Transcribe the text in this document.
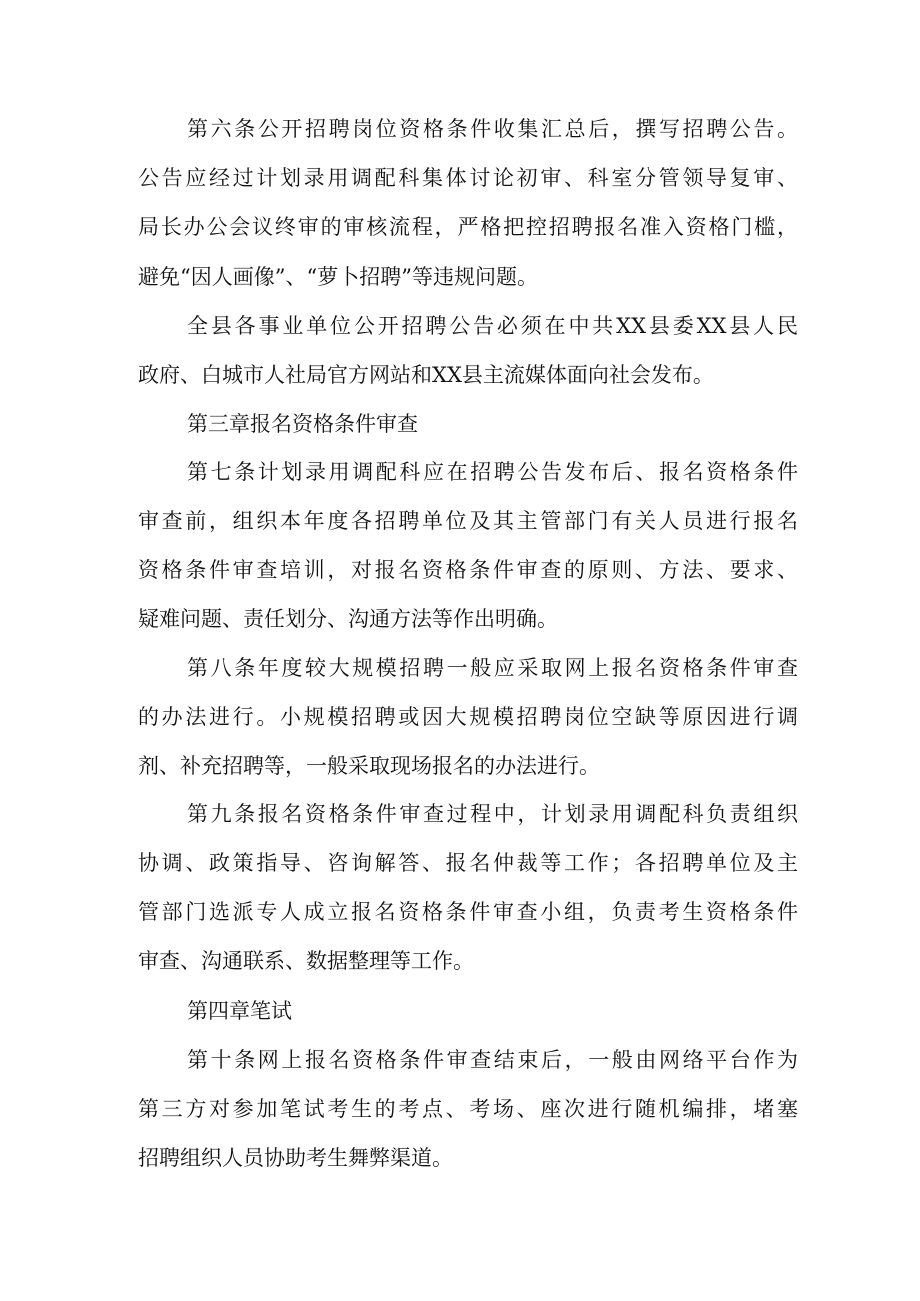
第六条公开招聘岗位资格条件收集汇总后，撰写招聘公告。
公告应经过计划录用调配科集体讨论初审、科室分管领导复审、
局长办公会议终审的审核流程，严格把控招聘报名准入资格门槛，
避免“因人画像”、“萝卜招聘”等违规问题。
全县各事业单位公开招聘公告必须在中共XX县委XX县人民
政府、白城市人社局官方网站和XX县主流媒体面向社会发布。
第三章报名资格条件审查
第七条计划录用调配科应在招聘公告发布后、报名资格条件
审查前，组织本年度各招聘单位及其主管部门有关人员进行报名
资格条件审查培训，对报名资格条件审查的原则、方法、要求、
疑难问题、责任划分、沟通方法等作出明确。
第八条年度较大规模招聘一般应采取网上报名资格条件审查
的办法进行。小规模招聘或因大规模招聘岗位空缺等原因进行调
剂、补充招聘等，一般采取现场报名的办法进行。
第九条报名资格条件审查过程中，计划录用调配科负责组织
协调、政策指导、咨询解答、报名仲裁等工作；各招聘单位及主
管部门选派专人成立报名资格条件审查小组，负责考生资格条件
审查、沟通联系、数据整理等工作。
第四章笔试
第十条网上报名资格条件审查结束后，一般由网络平台作为
第三方对参加笔试考生的考点、考场、座次进行随机编排，堵塞
招聘组织人员协助考生舞弊渠道。
